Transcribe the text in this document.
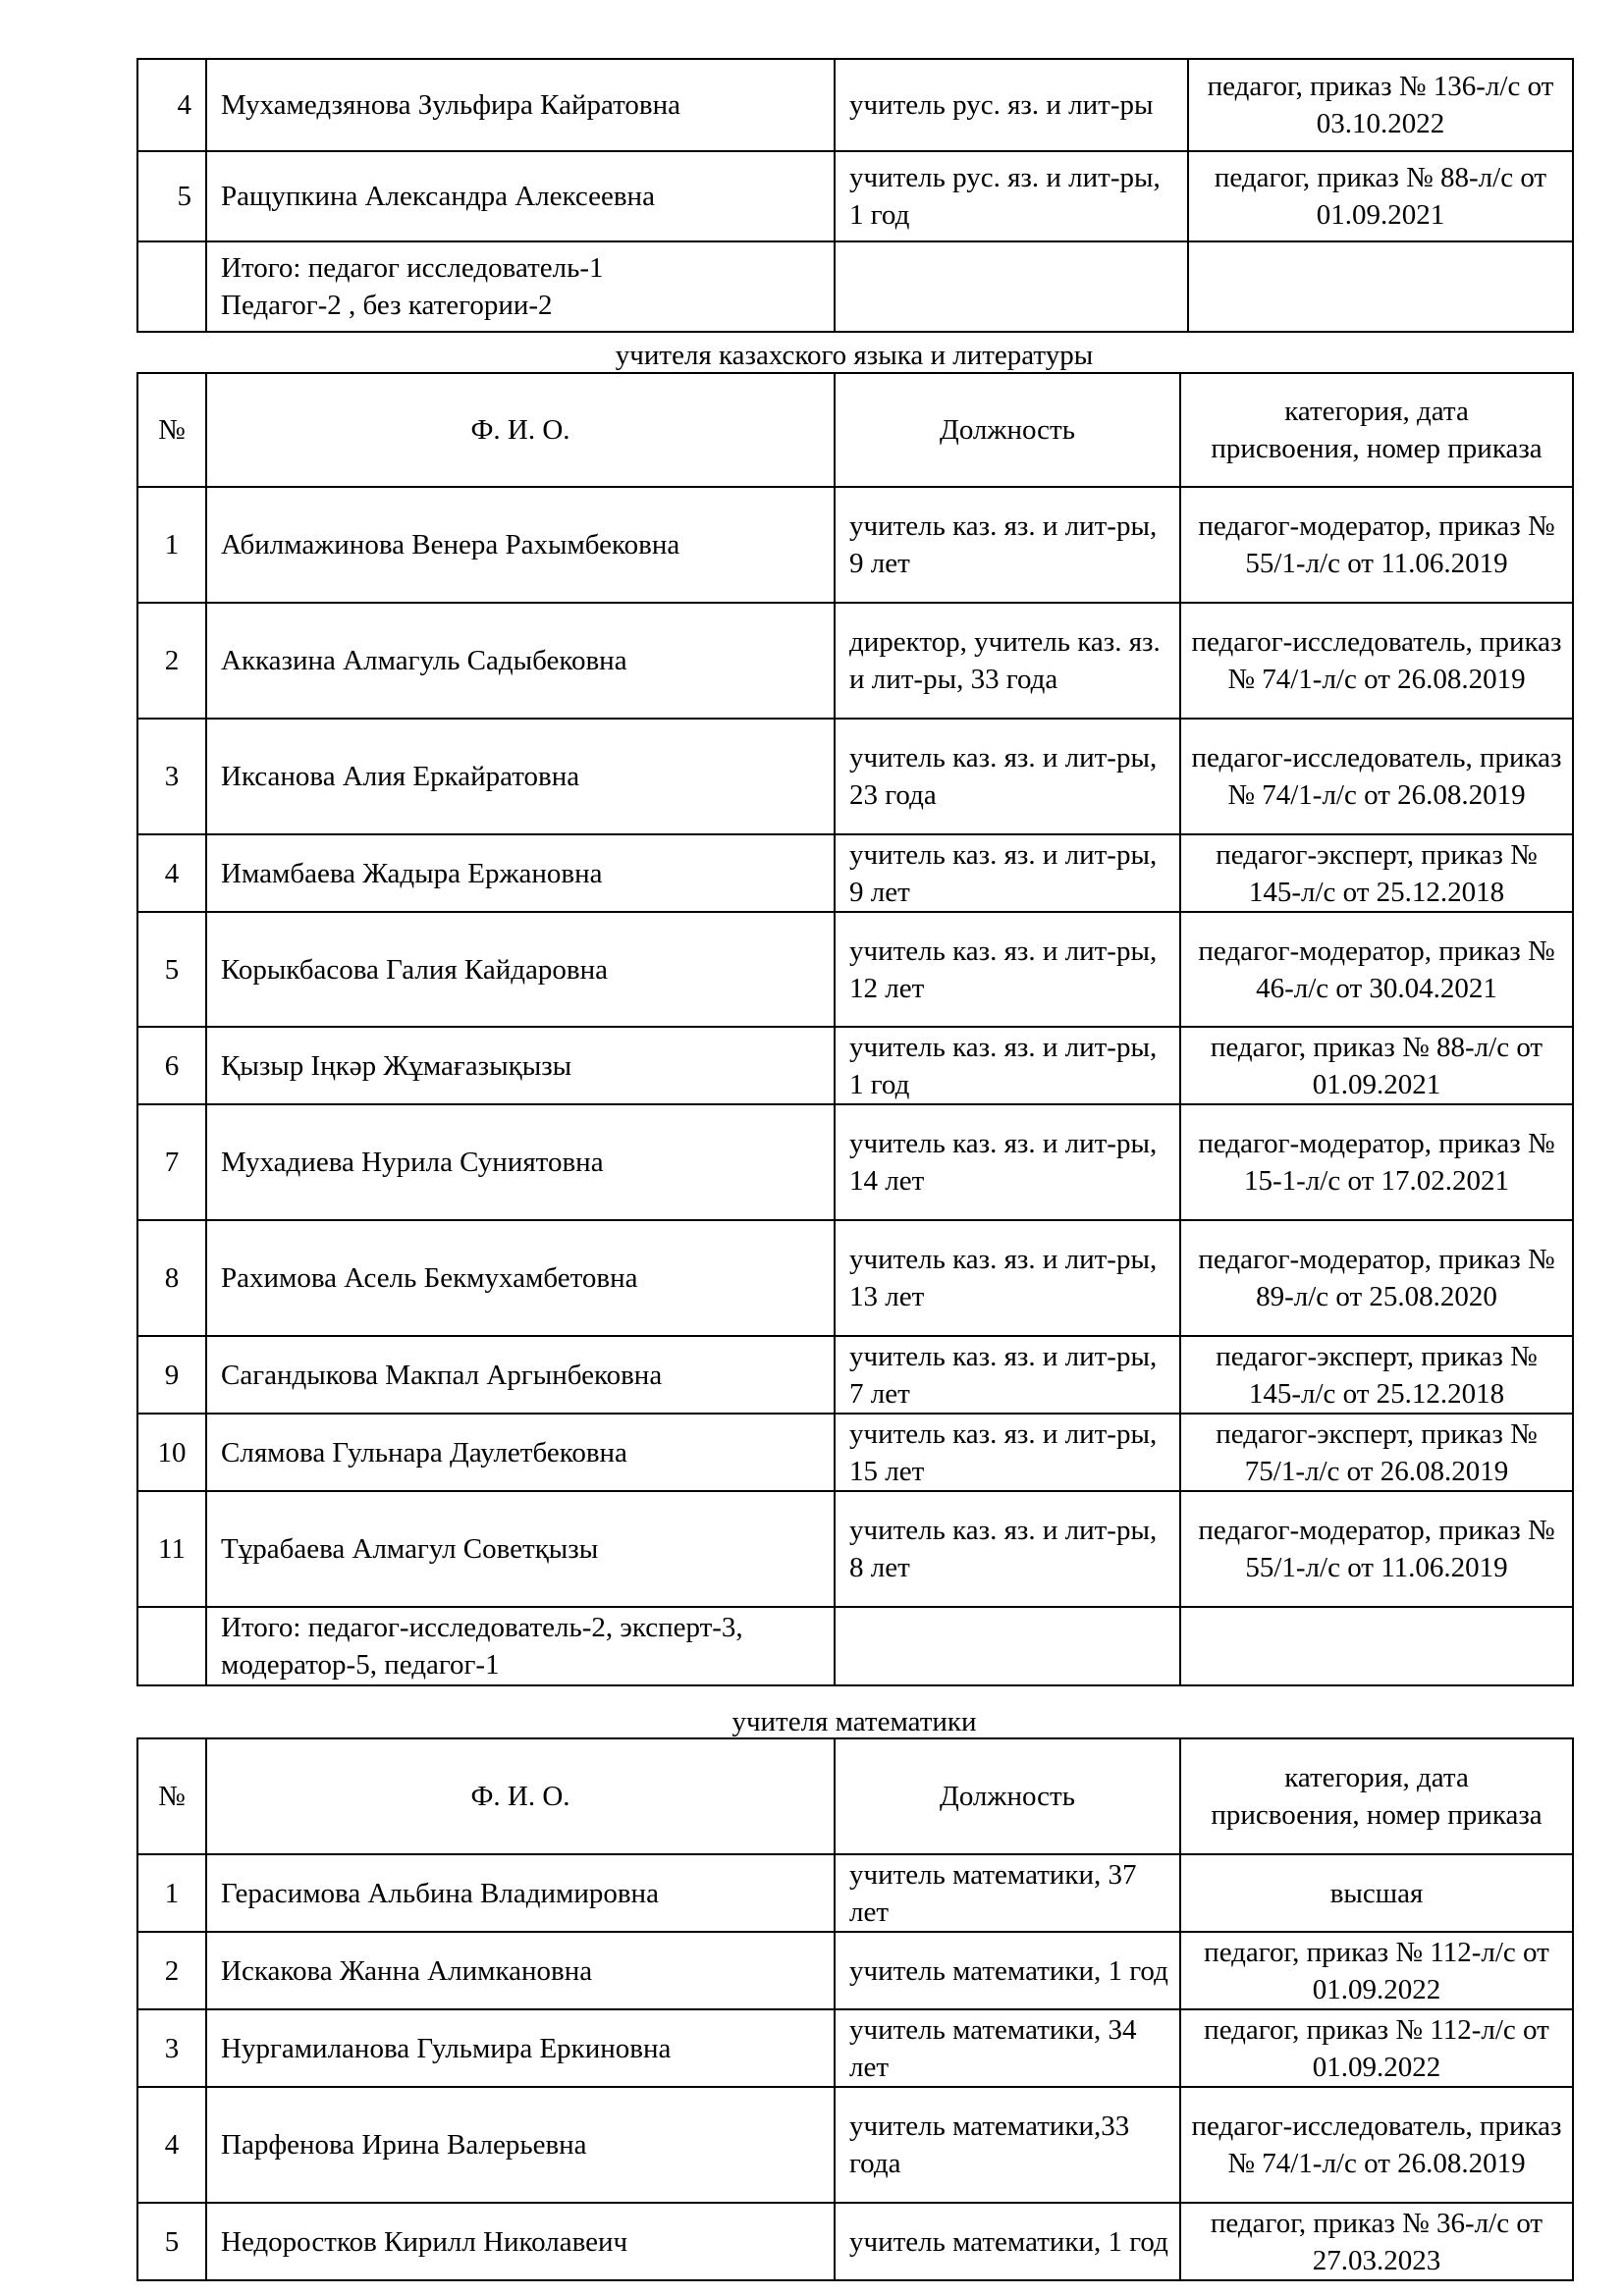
4	Мухамедзянова Зульфира Кайратовна	учитель рус. яз. и лит-ры	педагог, приказ № 136-л/с от 03.10.2022
5	Ращупкина Александра Алексеевна	учитель рус. яз. и лит-ры, 1 год	педагог, приказ № 88-л/с от 01.09.2021

	Итого: педагог исследователь-1
Педагог-2 , без категории-2		

учителя казахского языка и литературы
№	Ф. И. О.	Должность	категория, дата присвоения, номер приказа
1	Абилмажинова Венера Рахымбековна	учитель каз. яз. и лит-ры, 9 лет	педагог-модератор, приказ № 55/1-л/с от 11.06.2019
2	Акказина Алмагуль Садыбековна	директор, учитель каз. яз. и лит-ры, 33 года	педагог-исследователь, приказ № 74/1-л/с от 26.08.2019
3	Иксанова Алия Еркайратовна	учитель каз. яз. и лит-ры, 23 года	педагог-исследователь, приказ № 74/1-л/с от 26.08.2019
4	Имамбаева Жадыра Ержановна	учитель каз. яз. и лит-ры, 9 лет	педагог-эксперт, приказ № 145-л/с от 25.12.2018
5	Корыкбасова Галия Кайдаровна	учитель каз. яз. и лит-ры, 12 лет	педагог-модератор, приказ № 46-л/с от 30.04.2021
6	Қызыр Іңкәр Жұмағазықызы	учитель каз. яз. и лит-ры, 1 год	педагог, приказ № 88-л/с от 01.09.2021
7	Мухадиева Нурила Суниятовна	учитель каз. яз. и лит-ры, 14 лет	педагог-модератор, приказ № 15-1-л/с от 17.02.2021
8	Рахимова Асель Бекмухамбетовна	учитель каз. яз. и лит-ры, 13 лет	педагог-модератор, приказ № 89-л/с от 25.08.2020
9	Сагандыкова Макпал Аргынбековна	учитель каз. яз. и лит-ры, 7 лет	педагог-эксперт, приказ № 145-л/с от 25.12.2018
10	Слямова Гульнара Даулетбековна	учитель каз. яз. и лит-ры, 15 лет	педагог-эксперт, приказ № 75/1-л/с от 26.08.2019
11	Тұрабаева Алмагул Советқызы	учитель каз. яз. и лит-ры, 8 лет	педагог-модератор, приказ № 55/1-л/с от 11.06.2019
	Итого: педагог-исследователь-2, эксперт-3, модератор-5, педагог-1		
учителя математики
№	Ф. И. О.	Должность	категория, дата присвоения, номер приказа
1	Герасимова Альбина Владимировна	учитель математики, 37 лет	высшая
2	Искакова Жанна Алимкановна	учитель математики, 1 год	педагог, приказ № 112-л/с от 01.09.2022
3	Нургамиланова Гульмира Еркиновна	учитель математики, 34 лет	педагог, приказ № 112-л/с от 01.09.2022
4	Парфенова Ирина Валерьевна	учитель математики,33 года	педагог-исследователь, приказ № 74/1-л/с от 26.08.2019
5	Недоростков Кирилл Николавеич	учитель математики, 1 год	педагог, приказ № 36-л/с от 27.03.2023
